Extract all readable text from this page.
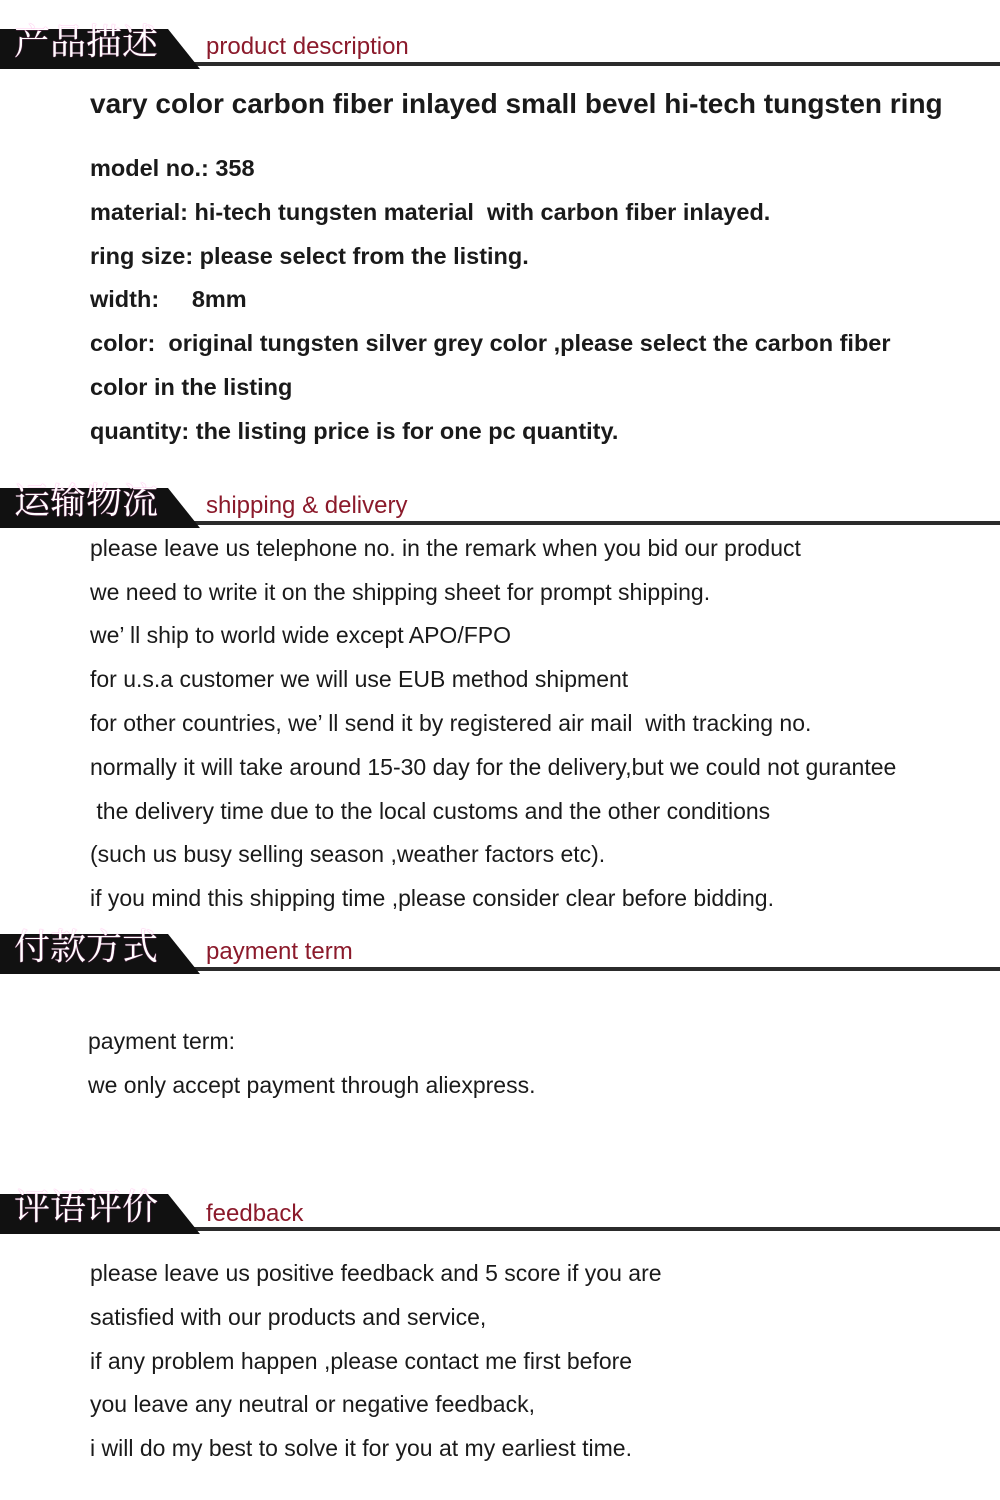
产品描述 product description
vary color carbon fiber inlayed small bevel hi-tech tungsten ring
model no.: 358
material: hi-tech tungsten material  with carbon fiber inlayed.
ring size: please select from the listing.
width:     8mm
color:  original tungsten silver grey color ,please select the carbon fiber
color in the listing
quantity: the listing price is for one pc quantity.
运输物流 shipping & delivery
please leave us telephone no. in the remark when you bid our product
we need to write it on the shipping sheet for prompt shipping.
we’ ll ship to world wide except APO/FPO
for u.s.a customer we will use EUB method shipment
for other countries, we’ ll send it by registered air mail  with tracking no.
normally it will take around 15-30 day for the delivery,but we could not gurantee
the delivery time due to the local customs and the other conditions
(such us busy selling season ,weather factors etc).
if you mind this shipping time ,please consider clear before bidding.
付款方式 payment term
payment term:
we only accept payment through aliexpress.
评语评价 feedback
please leave us positive feedback and 5 score if you are
satisfied with our products and service,
if any problem happen ,please contact me first before
you leave any neutral or negative feedback,
i will do my best to solve it for you at my earliest time.
